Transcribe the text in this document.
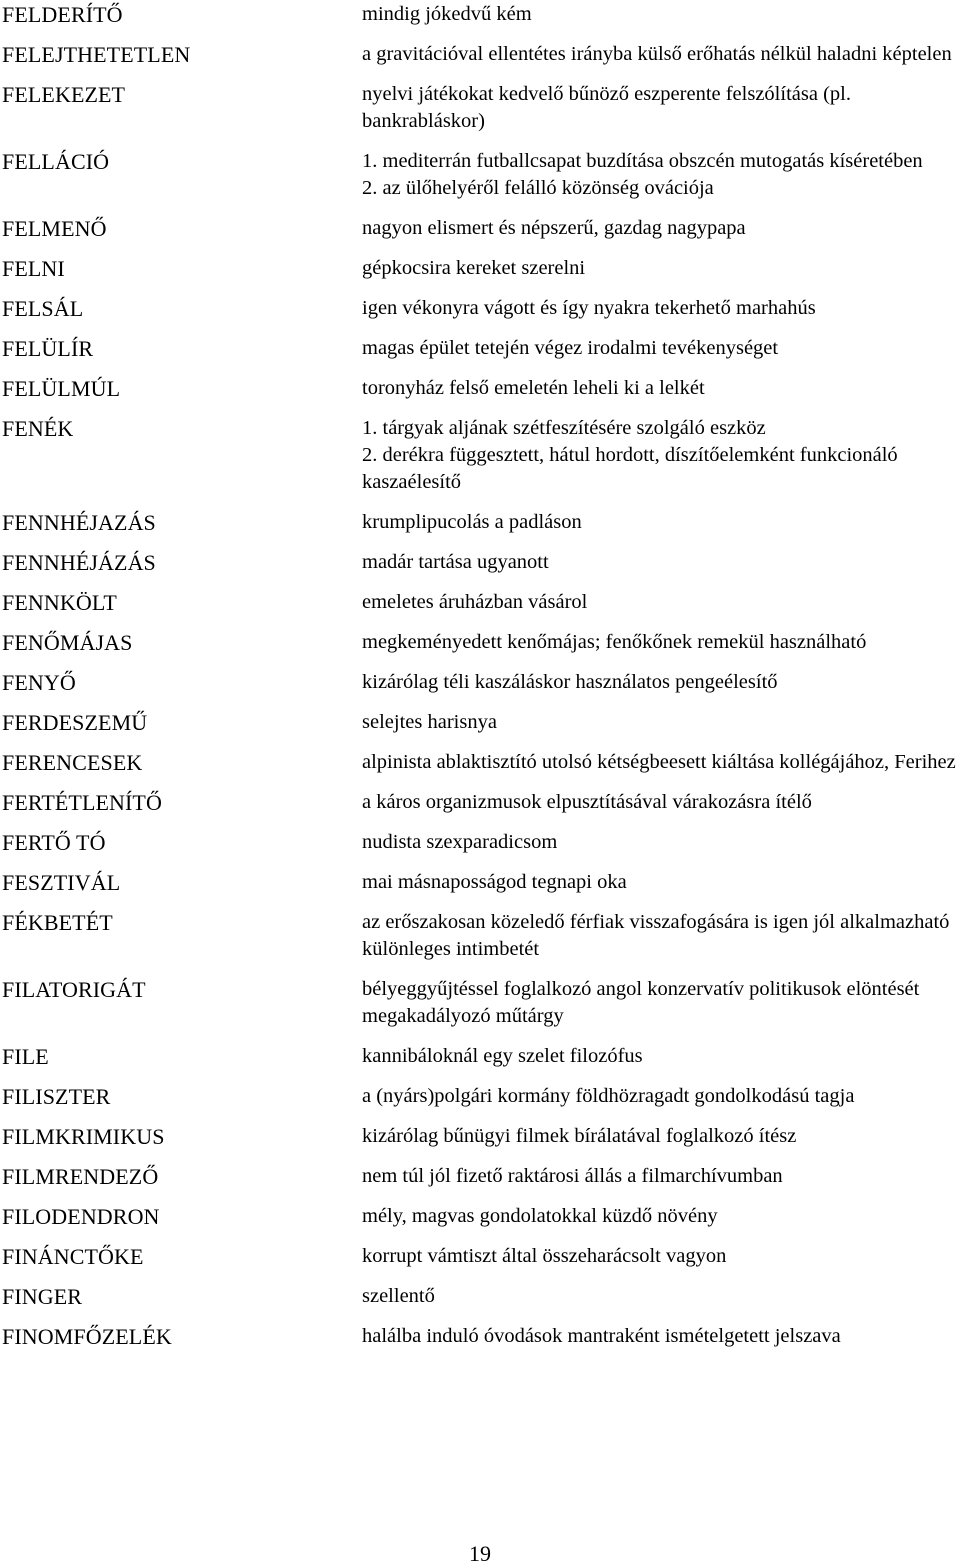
FELDERÍTŐ	mindig jókedvű kém
FELEJTHETETLEN	a gravitációval ellentétes irányba külső erőhatás nélkül haladni képtelen
FELEKEZET	nyelvi játékokat kedvelő bűnöző eszperente felszólítása (pl. bankrabláskor)
FELLÁCIÓ	1. mediterrán futballcsapat buzdítása obszcén mutogatás kíséretében
2. az ülőhelyéről felálló közönség ovációja
FELMENŐ	nagyon elismert és népszerű, gazdag nagypapa
FELNI	gépkocsira kereket szerelni
FELSÁL	igen vékonyra vágott és így nyakra tekerhető marhahús
FELÜLÍR	magas épület tetején végez irodalmi tevékenységet
FELÜLMÚL	toronyház felső emeletén leheli ki a lelkét
FENÉK	1. tárgyak aljának szétfeszítésére szolgáló eszköz
2. derékra függesztett, hátul hordott, díszítőelemként funkcionáló kaszaélesítő
FENNHÉJAZÁS	krumplipucolás a padláson
FENNHÉJÁZÁS	madár tartása ugyanott
FENNKÖLT	emeletes áruházban vásárol
FENŐMÁJAS	megkeményedett kenőmájas; fenőkőnek remekül használható
FENYŐ	kizárólag téli kaszáláskor használatos pengeélesítő
FERDESZEMŰ	selejtes harisnya
FERENCESEK	alpinista ablaktisztító utolsó kétségbeesett kiáltása kollégájához, Ferihez
FERTÉTLENÍTŐ	a káros organizmusok elpusztításával várakozásra ítélő
FERTŐ TÓ	nudista szexparadicsom
FESZTIVÁL	mai másnaposságod tegnapi oka
FÉKBETÉT	az erőszakosan közeledő férfiak visszafogására is igen jól alkalmazható különleges intimbetét
FILATORIGÁT	bélyeggyűjtéssel foglalkozó angol konzervatív politikusok elöntését megakadályozó műtárgy
FILE	kannibáloknál egy szelet filozófus
FILISZTER	a (nyárs)polgári kormány földhözragadt gondolkodású tagja
FILMKRIMIKUS	kizárólag bűnügyi filmek bírálatával foglalkozó ítész
FILMRENDEZŐ	nem túl jól fizető raktárosi állás a filmarchívumban
FILODENDRON	mély, magvas gondolatokkal küzdő növény
FINÁNCTŐKE	korrupt vámtiszt által összeharácsolt vagyon
FINGER	szellentő
FINOMFŐZELÉK	halálba induló óvodások mantraként ismételgetett jelszava
19
